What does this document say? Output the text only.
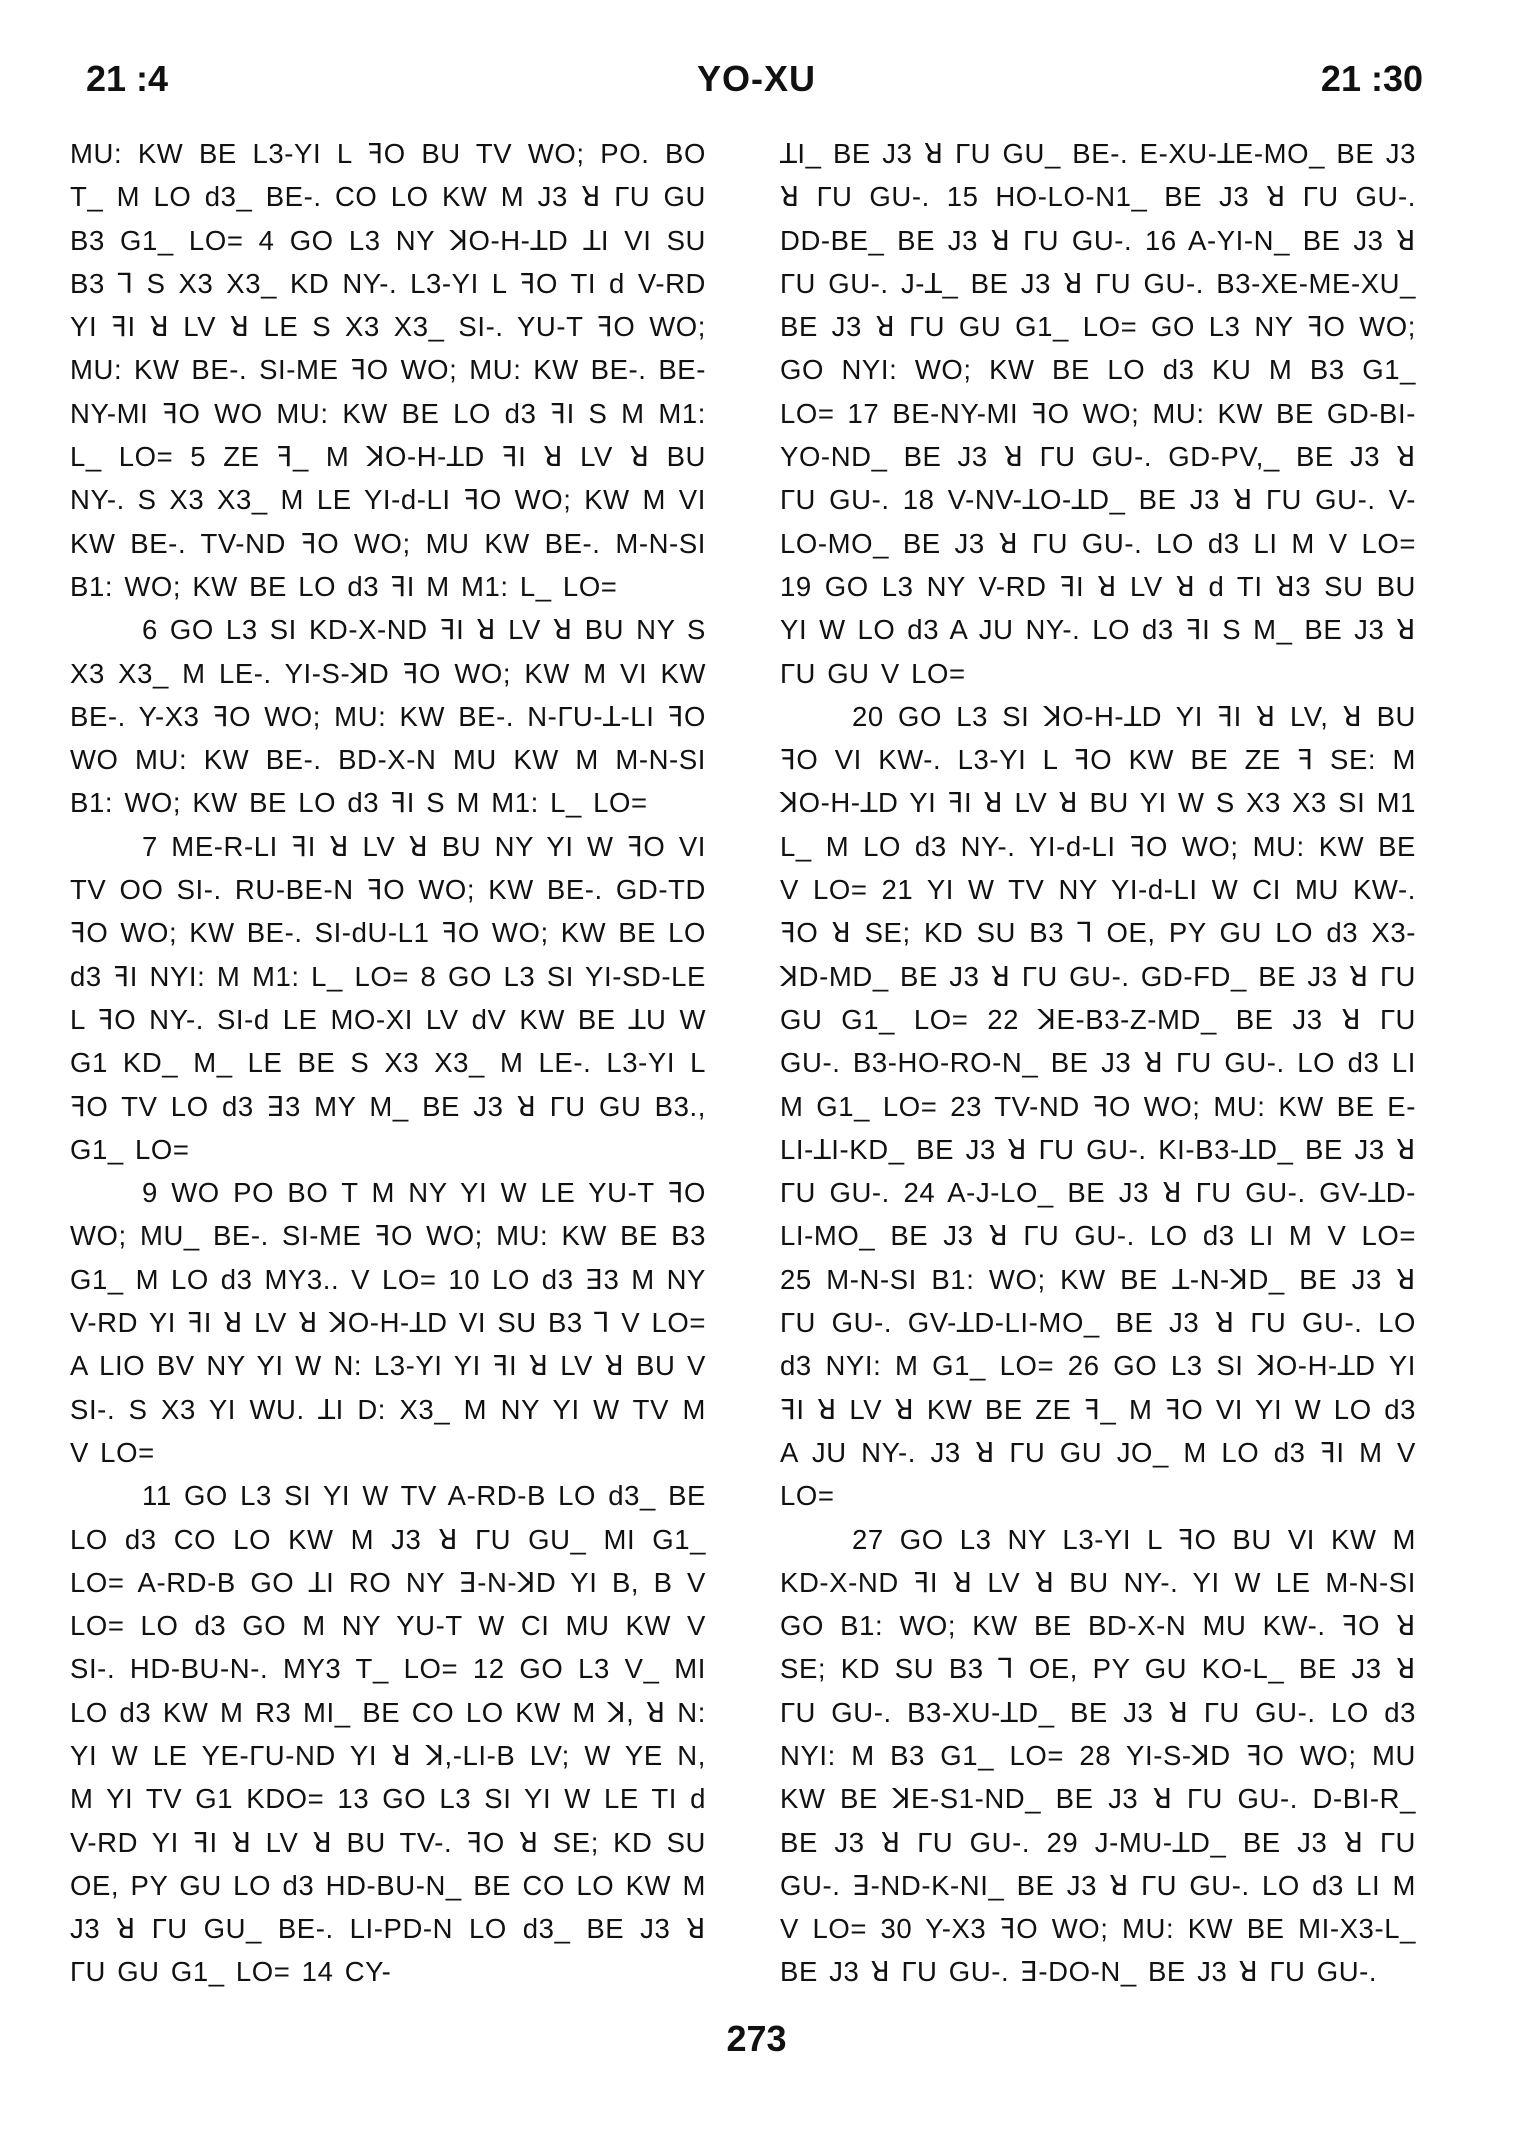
21 :4	YO-XU	21 :30

MU: KW BE L3-YI L ꟻO BU TV WO; PO. BO T_ M LO d3_ BE-. CO LO KW M J3 ꓤ ГU GU B3 G1_ LO= 4 GO L3 NY ꓘO-H-ꓕD ꓕI VI SU B3 ꓶ S X3 X3_ KD NY-. L3-YI L ꟻO TI d V-RD YI ꟻI ꓤ LV ꓤ LE S X3 X3_ SI-. YU-T ꟻO WO; MU: KW BE-. SI-ME ꟻO WO; MU: KW BE-. BE-NY-MI ꟻO WO MU: KW BE LO d3 ꟻI S M M1: L_ LO= 5 ZE ꟻ_ M ꓘO-H-ꓕD ꟻI ꓤ LV ꓤ BU NY-. S X3 X3_ M LE YI-d-LI ꟻO WO; KW M VI KW BE-. TV-ND ꟻO WO; MU KW BE-. M-N-SI B1: WO; KW BE LO d3 ꟻI M M1: L_ LO=

6 GO L3 SI KD-X-ND ꟻI ꓤ LV ꓤ BU NY S X3 X3_ M LE-. YI-S-ꓘD ꟻO WO; KW M VI KW BE-. Y-X3 ꟻO WO; MU: KW BE-. N-ГU-ꓕ-LI ꟻO WO MU: KW BE-. BD-X-N MU KW M M-N-SI B1: WO; KW BE LO d3 ꟻI S M M1: L_ LO=

7 ME-R-LI ꟻI ꓤ LV ꓤ BU NY YI W ꟻO VI TV OO SI-. RU-BE-N ꟻO WO; KW BE-. GD-TD ꟻO WO; KW BE-. SI-dU-L1 ꟻO WO; KW BE LO d3 ꟻI NYI: M M1: L_ LO= 8 GO L3 SI YI-SD-LE L ꟻO NY-. SI-d LE MO-XI LV dV KW BE ꓕU W G1 KD_ M_ LE BE S X3 X3_ M LE-. L3-YI L ꟻO TV LO d3 ꓱ3 MY M_ BE J3 ꓤ ГU GU B3., G1_ LO=

9 WO PO BO T M NY YI W LE YU-T ꟻO WO; MU_ BE-. SI-ME ꟻO WO; MU: KW BE B3 G1_ M LO d3 MY3.. V LO= 10 LO d3 ꓱ3 M NY V-RD YI ꟻI ꓤ LV ꓤ ꓘO-H-ꓕD VI SU B3 ꓶ V LO= A LIO BV NY YI W N: L3-YI YI ꟻI ꓤ LV ꓤ BU V SI-. S X3 YI WU. ꓕI D: X3_ M NY YI W TV M V LO=

11 GO L3 SI YI W TV A-RD-B LO d3_ BE LO d3 CO LO KW M J3 ꓤ ГU GU_ MI G1_ LO= A-RD-B GO ꓕI RO NY ꓱ-N-ꓘD YI B, B V LO= LO d3 GO M NY YU-T W CI MU KW V SI-. HD-BU-N-. MY3 T_ LO= 12 GO L3 V_ MI LO d3 KW M R3 MI_ BE CO LO KW M ꓘ, ꓤ N: YI W LE YE-ГU-ND YI ꓤ ꓘ,-LI-B LV; W YE N, M YI TV G1 KDO= 13 GO L3 SI YI W LE TI d V-RD YI ꟻI ꓤ LV ꓤ BU TV-. ꟻO ꓤ SE; KD SU OE, PY GU LO d3 HD-BU-N_ BE CO LO KW M J3 ꓤ ГU GU_ BE-. LI-PD-N LO d3_ BE J3 ꓤ ГU GU G1_ LO= 14 CY-

ꓕI_ BE J3 ꓤ ГU GU_ BE-. E-XU-ꓕE-MO_ BE J3 ꓤ ГU GU-. 15 HO-LO-N1_ BE J3 ꓤ ГU GU-. DD-BE_ BE J3 ꓤ ГU GU-. 16 A-YI-N_ BE J3 ꓤ ГU GU-. J-ꓕ_ BE J3 ꓤ ГU GU-. B3-XE-ME-XU_ BE J3 ꓤ ГU GU G1_ LO= GO L3 NY ꟻO WO; GO NYI: WO; KW BE LO d3 KU M B3 G1_ LO= 17 BE-NY-MI ꟻO WO; MU: KW BE GD-BI-YO-ND_ BE J3 ꓤ ГU GU-. GD-PV,_ BE J3 ꓤ ГU GU-. 18 V-NV-ꓕO-ꓕD_ BE J3 ꓤ ГU GU-. V-LO-MO_ BE J3 ꓤ ГU GU-. LO d3 LI M V LO= 19 GO L3 NY V-RD ꟻI ꓤ LV ꓤ d TI ꓤ3 SU BU YI W LO d3 A JU NY-. LO d3 ꟻI S M_ BE J3 ꓤ ГU GU V LO=

20 GO L3 SI ꓘO-H-ꓕD YI ꟻI ꓤ LV, ꓤ BU ꟻO VI KW-. L3-YI L ꟻO KW BE ZE ꟻ SE: M ꓘO-H-ꓕD YI ꟻI ꓤ LV ꓤ BU YI W S X3 X3 SI M1 L_ M LO d3 NY-. YI-d-LI ꟻO WO; MU: KW BE V LO= 21 YI W TV NY YI-d-LI W CI MU KW-. ꟻO ꓤ SE; KD SU B3 ꓶ OE, PY GU LO d3 X3-ꓘD-MD_ BE J3 ꓤ ГU GU-. GD-FD_ BE J3 ꓤ ГU GU G1_ LO= 22 ꓘE-B3-Z-MD_ BE J3 ꓤ ГU GU-. B3-HO-RO-N_ BE J3 ꓤ ГU GU-. LO d3 LI M G1_ LO= 23 TV-ND ꟻO WO; MU: KW BE E-LI-ꓕI-KD_ BE J3 ꓤ ГU GU-. KI-B3-ꓕD_ BE J3 ꓤ ГU GU-. 24 A-J-LO_ BE J3 ꓤ ГU GU-. GV-ꓕD-LI-MO_ BE J3 ꓤ ГU GU-. LO d3 LI M V LO= 25 M-N-SI B1: WO; KW BE ꓕ-N-ꓘD_ BE J3 ꓤ ГU GU-. GV-ꓕD-LI-MO_ BE J3 ꓤ ГU GU-. LO d3 NYI: M G1_ LO= 26 GO L3 SI ꓘO-H-ꓕD YI ꟻI ꓤ LV ꓤ KW BE ZE ꟻ_ M ꟻO VI YI W LO d3 A JU NY-. J3 ꓤ ГU GU JO_ M LO d3 ꟻI M V LO=

27 GO L3 NY L3-YI L ꟻO BU VI KW M KD-X-ND ꟻI ꓤ LV ꓤ BU NY-. YI W LE M-N-SI GO B1: WO; KW BE BD-X-N MU KW-. ꟻO ꓤ SE; KD SU B3 ꓶ OE, PY GU KO-L_ BE J3 ꓤ ГU GU-. B3-XU-ꓕD_ BE J3 ꓤ ГU GU-. LO d3 NYI: M B3 G1_ LO= 28 YI-S-ꓘD ꟻO WO; MU KW BE ꓘE-S1-ND_ BE J3 ꓤ ГU GU-. D-BI-R_ BE J3 ꓤ ГU GU-. 29 J-MU-ꓕD_ BE J3 ꓤ ГU GU-. ꓱ-ND-K-NI_ BE J3 ꓤ ГU GU-. LO d3 LI M V LO= 30 Y-X3 ꟻO WO; MU: KW BE MI-X3-L_ BE J3 ꓤ ГU GU-. ꓱ-DO-N_ BE J3 ꓤ ГU GU-.

273
